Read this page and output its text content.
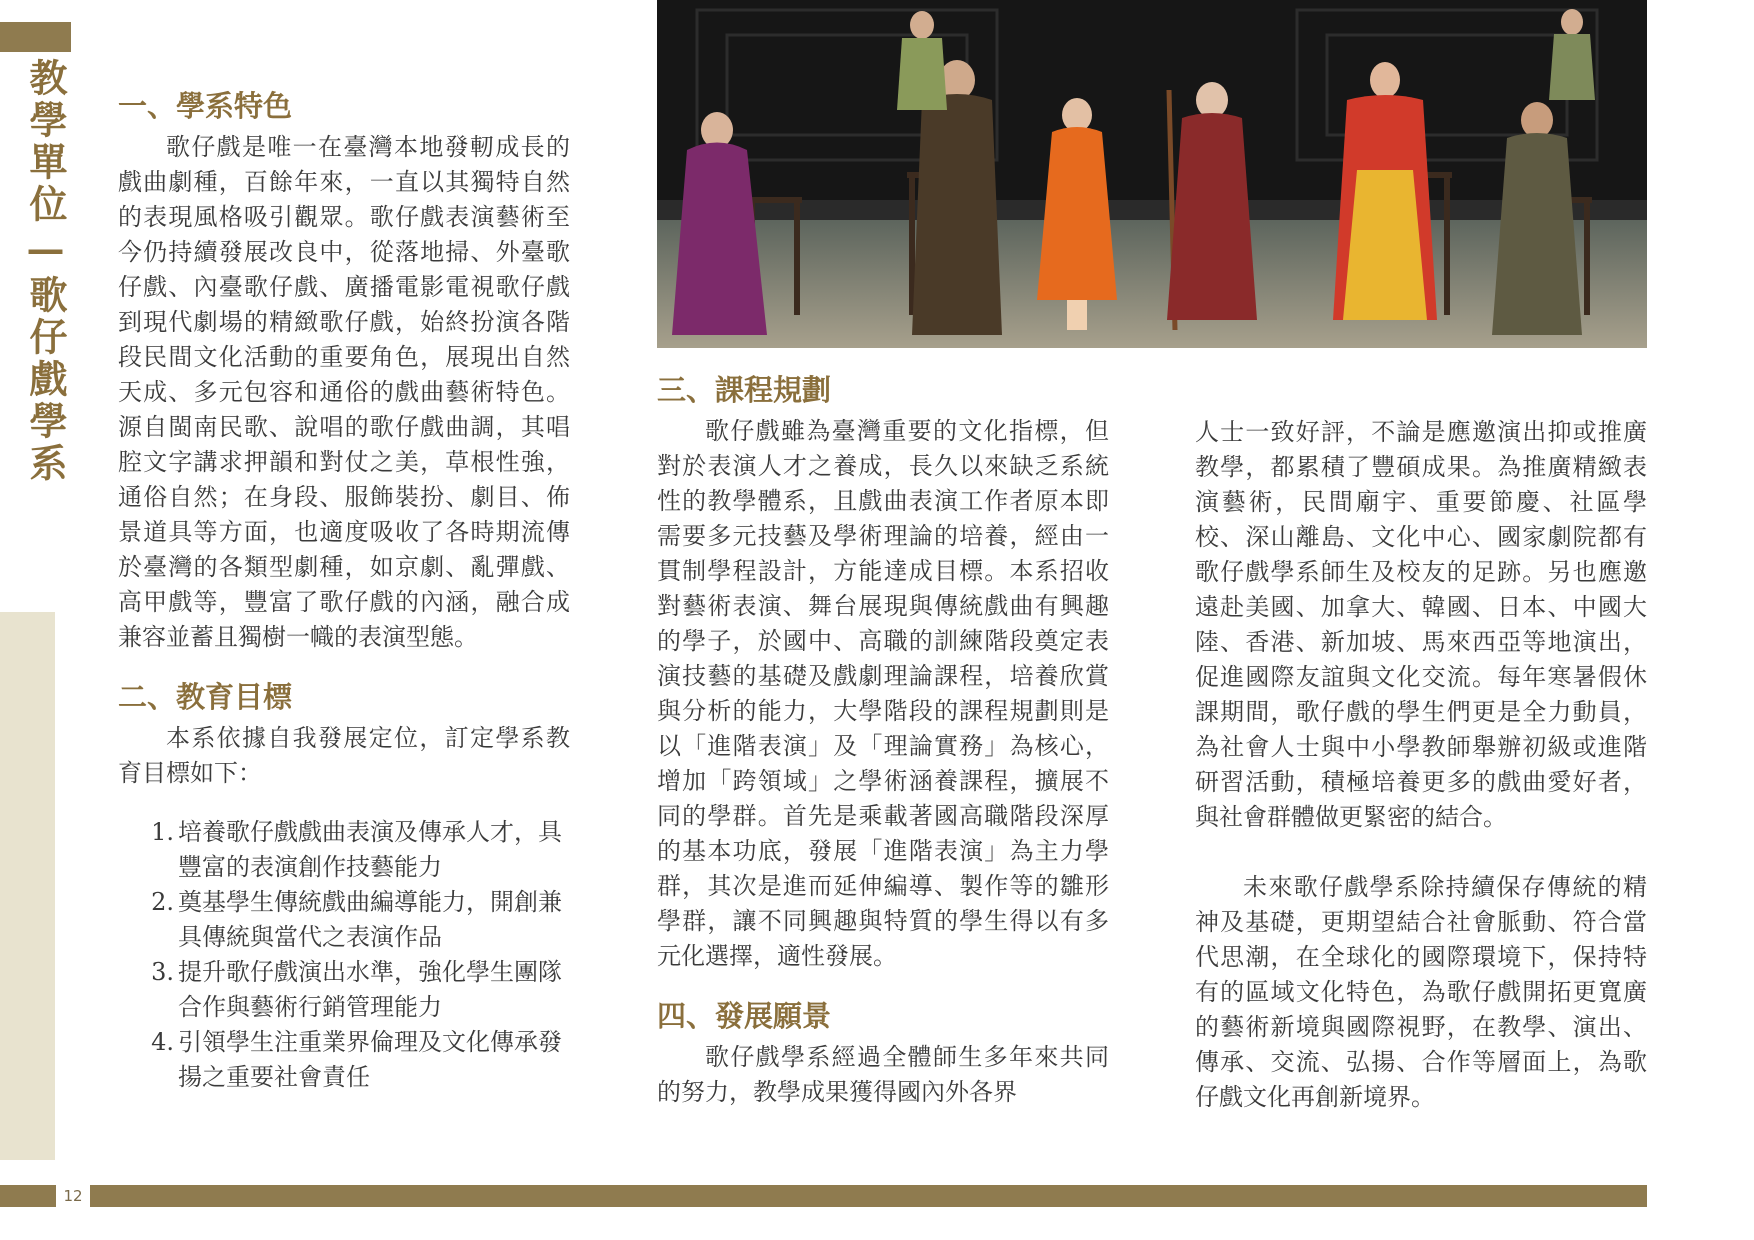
教學單位—歌仔戲學系
12
一、學系特色

歌仔戲是唯一在臺灣本地發軔成長的戲曲劇種，百餘年來，一直以其獨特自然的表現風格吸引觀眾。歌仔戲表演藝術至今仍持續發展改良中，從落地掃、外臺歌仔戲、內臺歌仔戲、廣播電影電視歌仔戲到現代劇場的精緻歌仔戲，始終扮演各階段民間文化活動的重要角色，展現出自然天成、多元包容和通俗的戲曲藝術特色。源自閩南民歌、說唱的歌仔戲曲調，其唱腔文字講求押韻和對仗之美，草根性強，通俗自然；在身段、服飾裝扮、劇目、佈景道具等方面，也適度吸收了各時期流傳於臺灣的各類型劇種，如京劇、亂彈戲、高甲戲等，豐富了歌仔戲的內涵，融合成兼容並蓄且獨樹一幟的表演型態。

二、教育目標

本系依據自我發展定位，訂定學系教育目標如下：

1. 培養歌仔戲戲曲表演及傳承人才，具豐富的表演創作技藝能力
2. 奠基學生傳統戲曲編導能力，開創兼具傳統與當代之表演作品
3. 提升歌仔戲演出水準，強化學生團隊合作與藝術行銷管理能力
4. 引領學生注重業界倫理及文化傳承發揚之重要社會責任
三、課程規劃

歌仔戲雖為臺灣重要的文化指標，但對於表演人才之養成，長久以來缺乏系統性的教學體系，且戲曲表演工作者原本即需要多元技藝及學術理論的培養，經由一貫制學程設計，方能達成目標。本系招收對藝術表演、舞台展現與傳統戲曲有興趣的學子，於國中、高職的訓練階段奠定表演技藝的基礎及戲劇理論課程，培養欣賞與分析的能力，大學階段的課程規劃則是以「進階表演」及「理論實務」為核心，增加「跨領域」之學術涵養課程，擴展不同的學群。首先是乘載著國高職階段深厚的基本功底，發展「進階表演」為主力學群，其次是進而延伸編導、製作等的雛形學群，讓不同興趣與特質的學生得以有多元化選擇，適性發展。

四、發展願景

歌仔戲學系經過全體師生多年來共同的努力，教學成果獲得國內外各界

人士一致好評，不論是應邀演出抑或推廣教學，都累積了豐碩成果。為推廣精緻表演藝術，民間廟宇、重要節慶、社區學校、深山離島、文化中心、國家劇院都有歌仔戲學系師生及校友的足跡。另也應邀遠赴美國、加拿大、韓國、日本、中國大陸、香港、新加坡、馬來西亞等地演出，促進國際友誼與文化交流。每年寒暑假休課期間，歌仔戲的學生們更是全力動員，為社會人士與中小學教師舉辦初級或進階研習活動，積極培養更多的戲曲愛好者，與社會群體做更緊密的結合。

未來歌仔戲學系除持續保存傳統的精神及基礎，更期望結合社會脈動、符合當代思潮，在全球化的國際環境下，保持特有的區域文化特色，為歌仔戲開拓更寬廣的藝術新境與國際視野，在教學、演出、傳承、交流、弘揚、合作等層面上，為歌仔戲文化再創新境界。
